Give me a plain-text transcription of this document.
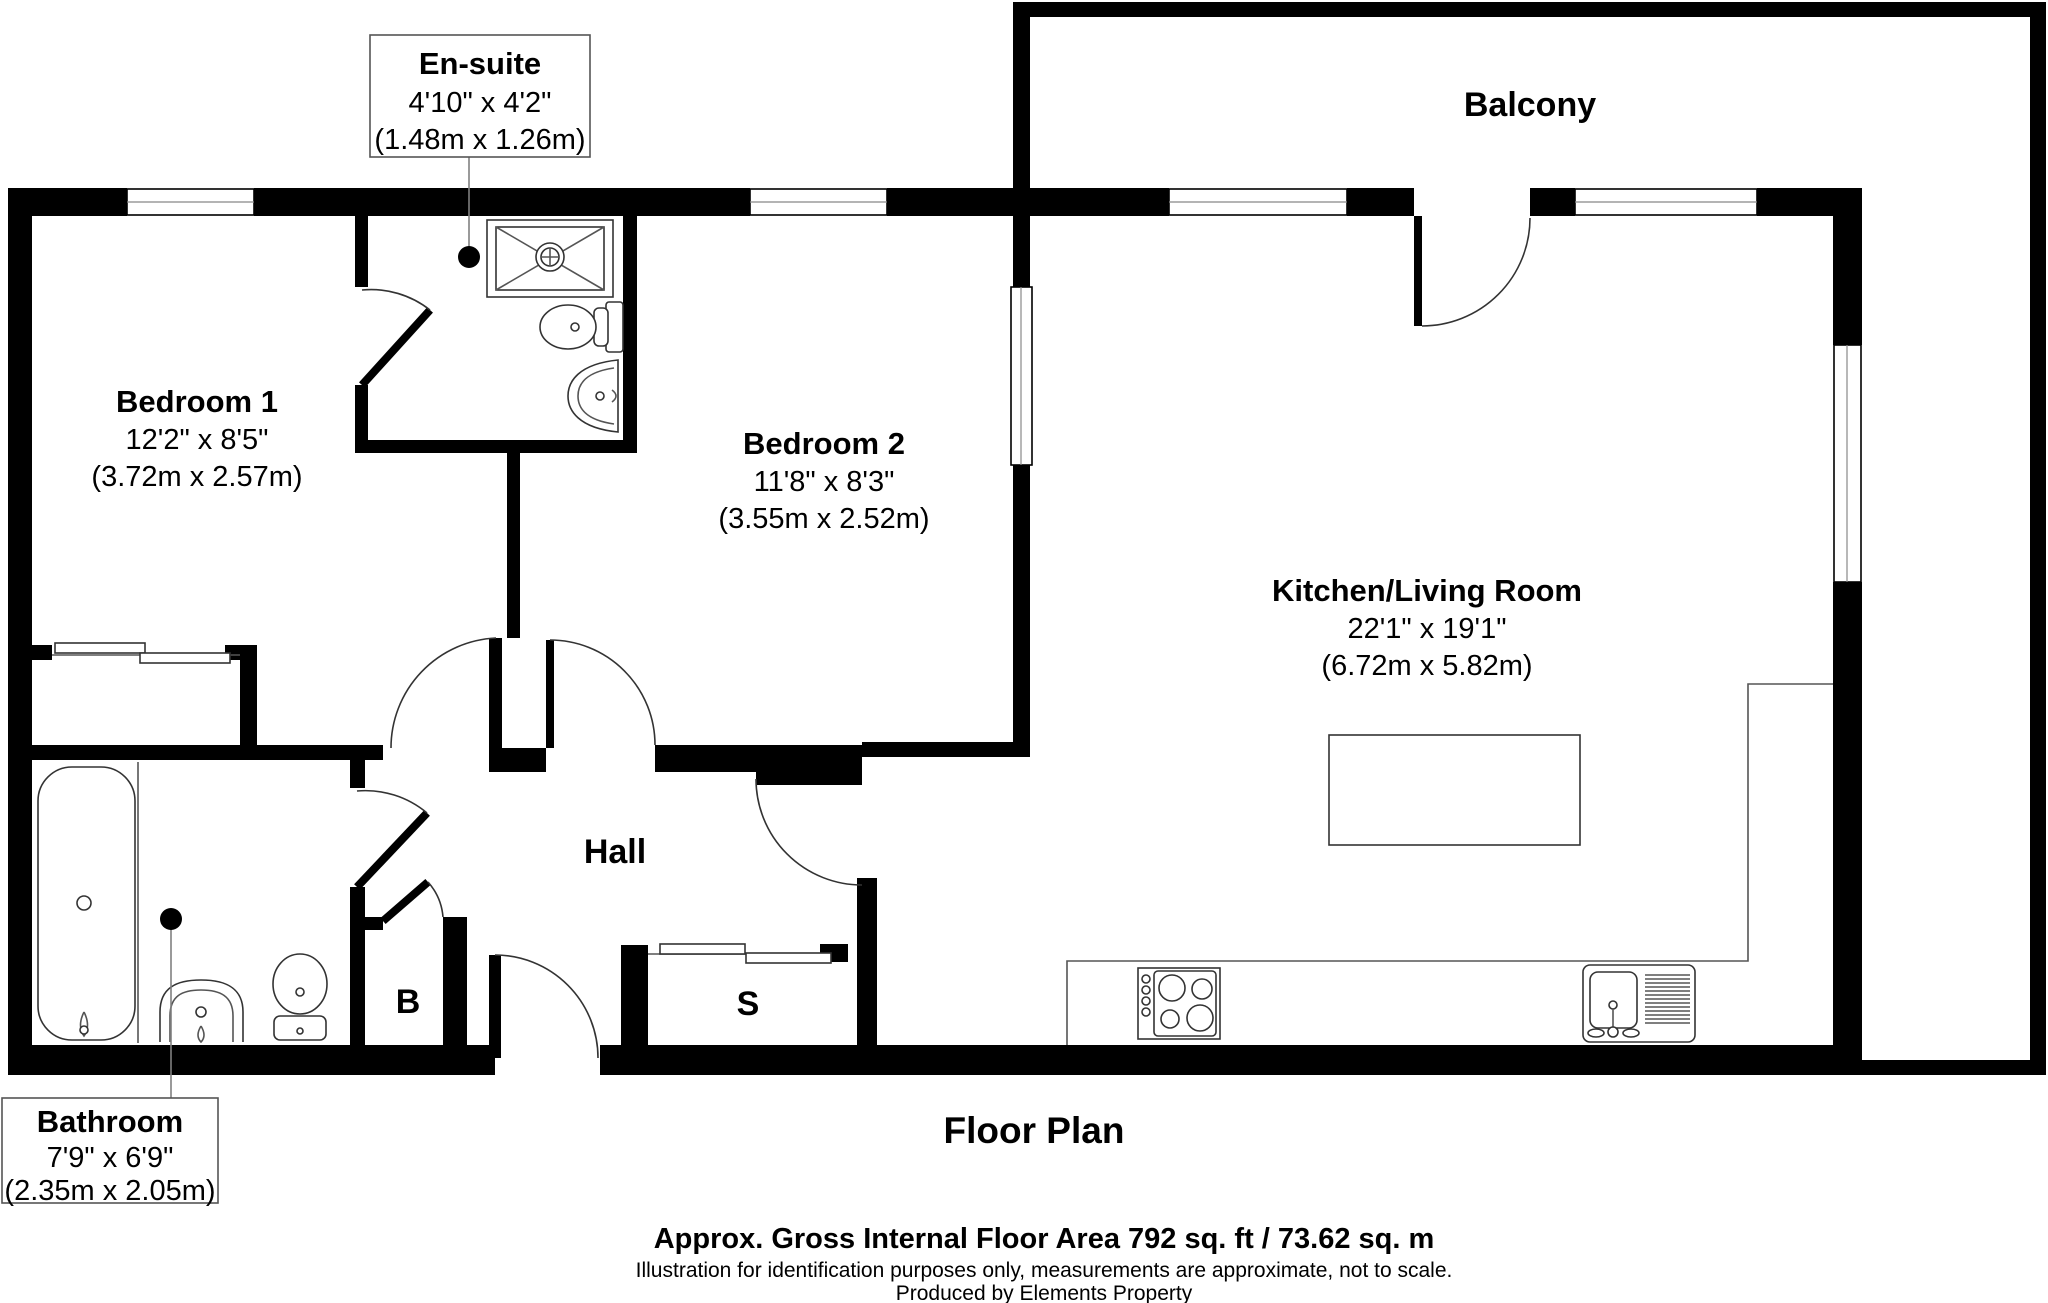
Bedroom 1
12'2" x 8'5"
(3.72m x 2.57m)
Bedroom 2
11'8" x 8'3"
(3.55m x 2.52m)
Kitchen/Living Room
22'1" x 19'1"
(6.72m x 5.82m)
En-suite
4'10" x 4'2"
(1.48m x 1.26m)
Bathroom
7'9" x 6'9"
(2.35m x 2.05m)
Hall
Balcony
B	S
Floor Plan
Approx. Gross Internal Floor Area 792 sq. ft / 73.62 sq. m
Illustration for identification purposes only, measurements are approximate, not to scale.
Produced by Elements Property
